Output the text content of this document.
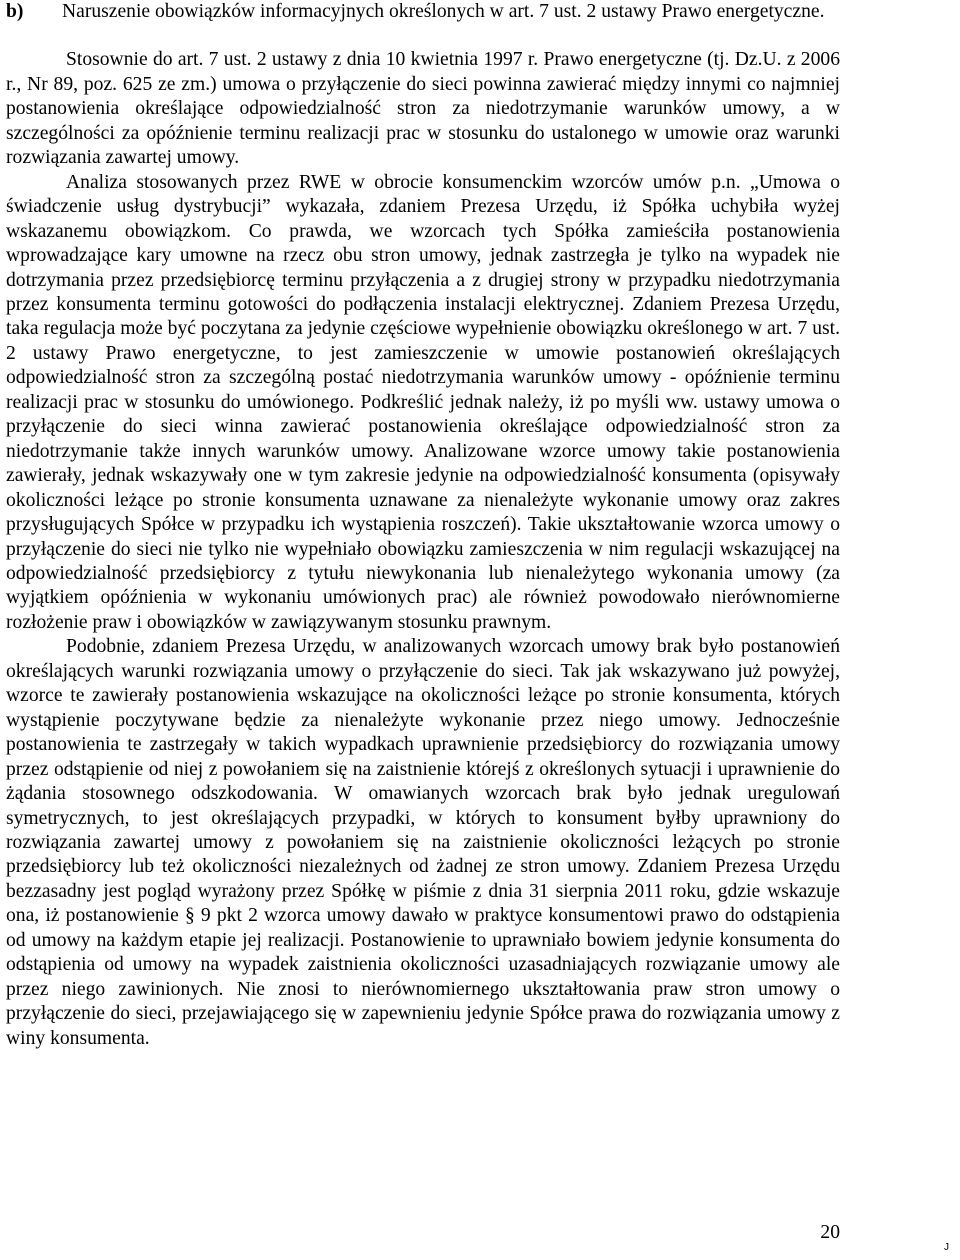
b)	Naruszenie obowiązków informacyjnych określonych w art. 7 ust. 2 ustawy Prawo energetyczne.

Stosownie do art. 7 ust. 2 ustawy z dnia 10 kwietnia 1997 r. Prawo energetyczne (tj. Dz.U. z 2006 r., Nr 89, poz. 625 ze zm.) umowa o przyłączenie do sieci powinna zawierać między innymi co najmniej postanowienia określające odpowiedzialność stron za niedotrzymanie warunków umowy, a w szczególności za opóźnienie terminu realizacji prac w stosunku do ustalonego w umowie oraz warunki rozwiązania zawartej umowy.

Analiza stosowanych przez RWE w obrocie konsumenckim wzorców umów p.n. „Umowa o świadczenie usług dystrybucji” wykazała, zdaniem Prezesa Urzędu, iż Spółka uchybiła wyżej wskazanemu obowiązkom. Co prawda, we wzorcach tych Spółka zamieściła postanowienia wprowadzające kary umowne na rzecz obu stron umowy, jednak zastrzegła je tylko na wypadek nie dotrzymania przez przedsiębiorcę terminu przyłączenia a z drugiej strony w przypadku niedotrzymania przez konsumenta terminu gotowości do podłączenia instalacji elektrycznej. Zdaniem Prezesa Urzędu, taka regulacja może być poczytana za jedynie częściowe wypełnienie obowiązku określonego w art. 7 ust. 2 ustawy Prawo energetyczne, to jest zamieszczenie w umowie postanowień określających odpowiedzialność stron za szczególną postać niedotrzymania warunków umowy - opóźnienie terminu realizacji prac w stosunku do umówionego. Podkreślić jednak należy, iż po myśli ww. ustawy umowa o przyłączenie do sieci winna zawierać postanowienia określające odpowiedzialność stron za niedotrzymanie także innych warunków umowy. Analizowane wzorce umowy takie postanowienia zawierały, jednak wskazywały one w tym zakresie jedynie na odpowiedzialność konsumenta (opisywały okoliczności leżące po stronie konsumenta uznawane za nienależyte wykonanie umowy oraz zakres przysługujących Spółce w przypadku ich wystąpienia roszczeń). Takie ukształtowanie wzorca umowy o przyłączenie do sieci nie tylko nie wypełniało obowiązku zamieszczenia w nim regulacji wskazującej na odpowiedzialność przedsiębiorcy z tytułu niewykonania lub nienależytego wykonania umowy (za wyjątkiem opóźnienia w wykonaniu umówionych prac) ale również powodowało nierównomierne rozłożenie praw i obowiązków w zawiązywanym stosunku prawnym.

Podobnie, zdaniem Prezesa Urzędu, w analizowanych wzorcach umowy brak było postanowień określających warunki rozwiązania umowy o przyłączenie do sieci. Tak jak wskazywano już powyżej, wzorce te zawierały postanowienia wskazujące na okoliczności leżące po stronie konsumenta, których wystąpienie poczytywane będzie za nienależyte wykonanie przez niego umowy. Jednocześnie postanowienia te zastrzegały w takich wypadkach uprawnienie przedsiębiorcy do rozwiązania umowy przez odstąpienie od niej z powołaniem się na zaistnienie którejś z określonych sytuacji i uprawnienie do żądania stosownego odszkodowania. W omawianych wzorcach brak było jednak uregulowań symetrycznych, to jest określających przypadki, w których to konsument byłby uprawniony do rozwiązania zawartej umowy z powołaniem się na zaistnienie okoliczności leżących po stronie przedsiębiorcy lub też okoliczności niezależnych od żadnej ze stron umowy. Zdaniem Prezesa Urzędu bezzasadny jest pogląd wyrażony przez Spółkę w piśmie z dnia 31 sierpnia 2011 roku, gdzie wskazuje ona, iż postanowienie § 9 pkt 2 wzorca umowy dawało w praktyce konsumentowi prawo do odstąpienia od umowy na każdym etapie jej realizacji. Postanowienie to uprawniało bowiem jedynie konsumenta do odstąpienia od umowy na wypadek zaistnienia okoliczności uzasadniających rozwiązanie umowy ale przez niego zawinionych. Nie znosi to nierównomiernego ukształtowania praw stron umowy o przyłączenie do sieci, przejawiającego się w zapewnieniu jedynie Spółce prawa do rozwiązania umowy z winy konsumenta.

20
J
